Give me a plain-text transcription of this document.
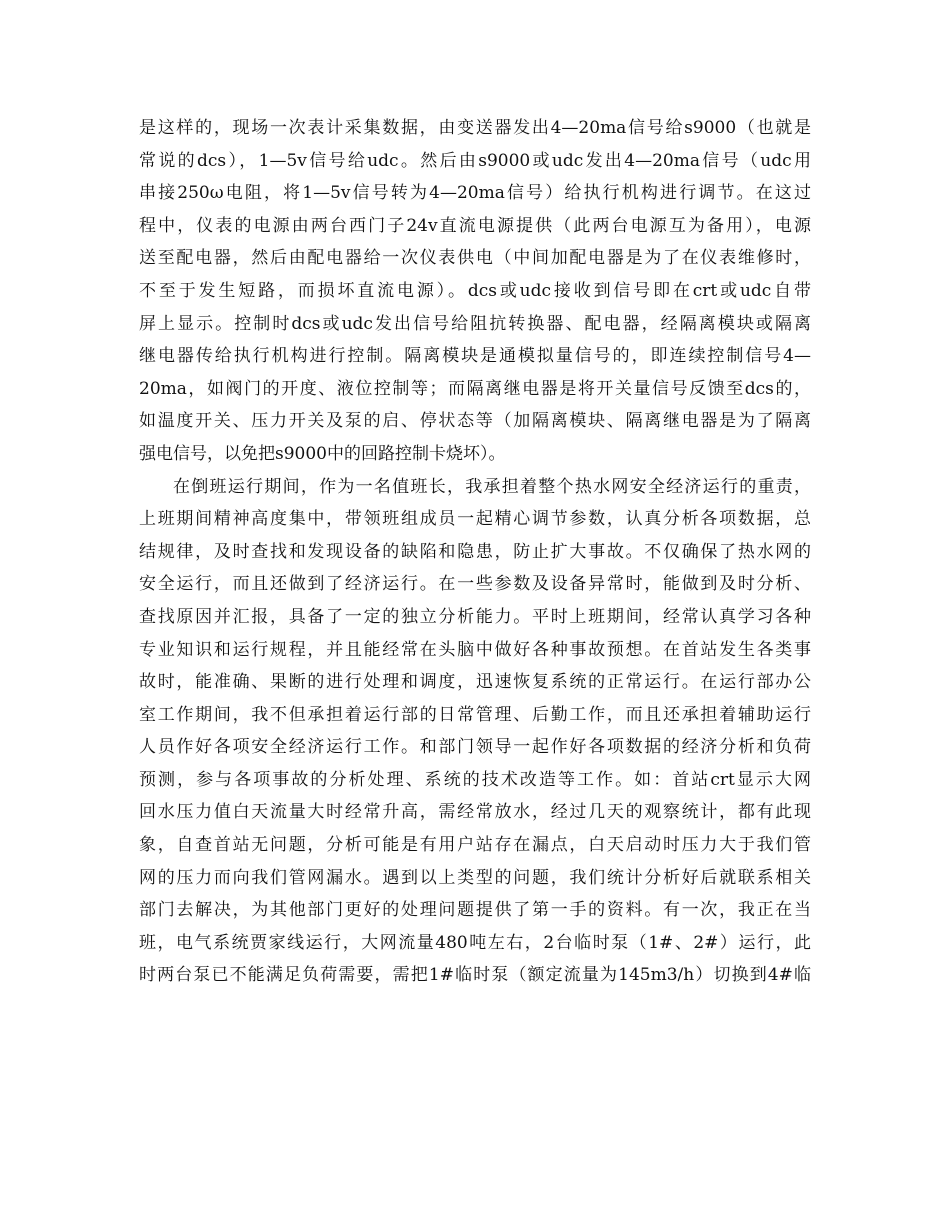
是这样的，现场一次表计采集数据，由变送器发出4—20ma信号给s9000（也就是
常说的dcs），1—5v信号给udc。然后由s9000或udc发出4—20ma信号（udc用
串接250ω电阻，将1—5v信号转为4—20ma信号）给执行机构进行调节。在这过
程中，仪表的电源由两台西门子24v直流电源提供（此两台电源互为备用），电源
送至配电器，然后由配电器给一次仪表供电（中间加配电器是为了在仪表维修时，
不至于发生短路，而损坏直流电源）。dcs或udc接收到信号即在crt或udc自带
屏上显示。控制时dcs或udc发出信号给阻抗转换器、配电器，经隔离模块或隔离
继电器传给执行机构进行控制。隔离模块是通模拟量信号的，即连续控制信号4—
20ma，如阀门的开度、液位控制等；而隔离继电器是将开关量信号反馈至dcs的，
如温度开关、压力开关及泵的启、停状态等（加隔离模块、隔离继电器是为了隔离
强电信号，以免把s9000中的回路控制卡烧坏）。
在倒班运行期间，作为一名值班长，我承担着整个热水网安全经济运行的重责，
上班期间精神高度集中，带领班组成员一起精心调节参数，认真分析各项数据，总
结规律，及时查找和发现设备的缺陷和隐患，防止扩大事故。不仅确保了热水网的
安全运行，而且还做到了经济运行。在一些参数及设备异常时，能做到及时分析、
查找原因并汇报，具备了一定的独立分析能力。平时上班期间，经常认真学习各种
专业知识和运行规程，并且能经常在头脑中做好各种事故预想。在首站发生各类事
故时，能准确、果断的进行处理和调度，迅速恢复系统的正常运行。在运行部办公
室工作期间，我不但承担着运行部的日常管理、后勤工作，而且还承担着辅助运行
人员作好各项安全经济运行工作。和部门领导一起作好各项数据的经济分析和负荷
预测，参与各项事故的分析处理、系统的技术改造等工作。如：首站crt显示大网
回水压力值白天流量大时经常升高，需经常放水，经过几天的观察统计，都有此现
象，自查首站无问题，分析可能是有用户站存在漏点，白天启动时压力大于我们管
网的压力而向我们管网漏水。遇到以上类型的问题，我们统计分析好后就联系相关
部门去解决，为其他部门更好的处理问题提供了第一手的资料。有一次，我正在当
班，电气系统贾家线运行，大网流量480吨左右，2台临时泵（1#、2#）运行，此
时两台泵已不能满足负荷需要，需把1#临时泵（额定流量为145m3/h）切换到4#临
